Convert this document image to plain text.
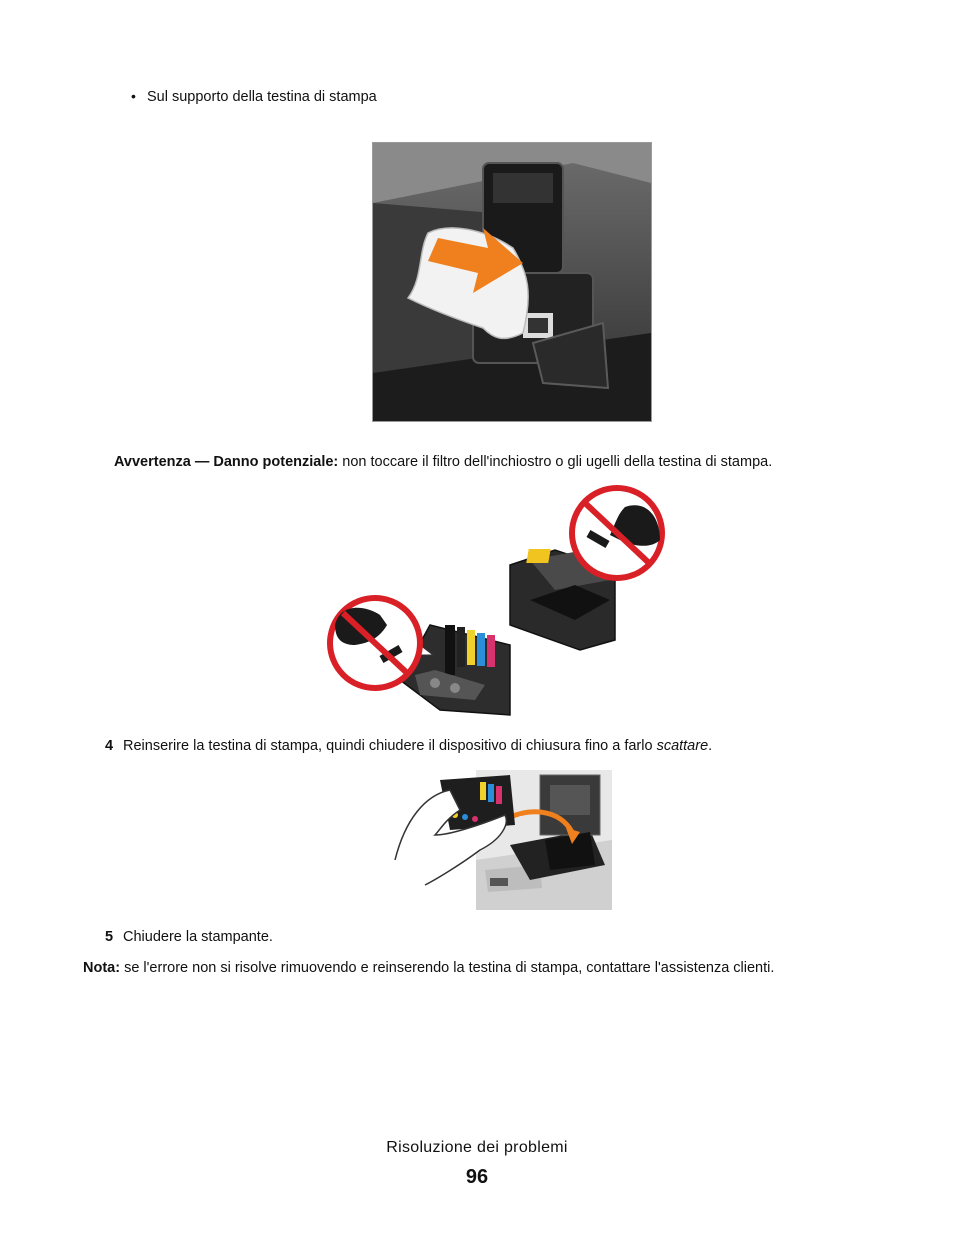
• Sul supporto della testina di stampa
Avvertenza — Danno potenziale: non toccare il filtro dell'inchiostro o gli ugelli della testina di stampa.
4 Reinserire la testina di stampa, quindi chiudere il dispositivo di chiusura fino a farlo scattare.
5 Chiudere la stampante.
Nota: se l'errore non si risolve rimuovendo e reinserendo la testina di stampa, contattare l'assistenza clienti.
Risoluzione dei problemi
96
